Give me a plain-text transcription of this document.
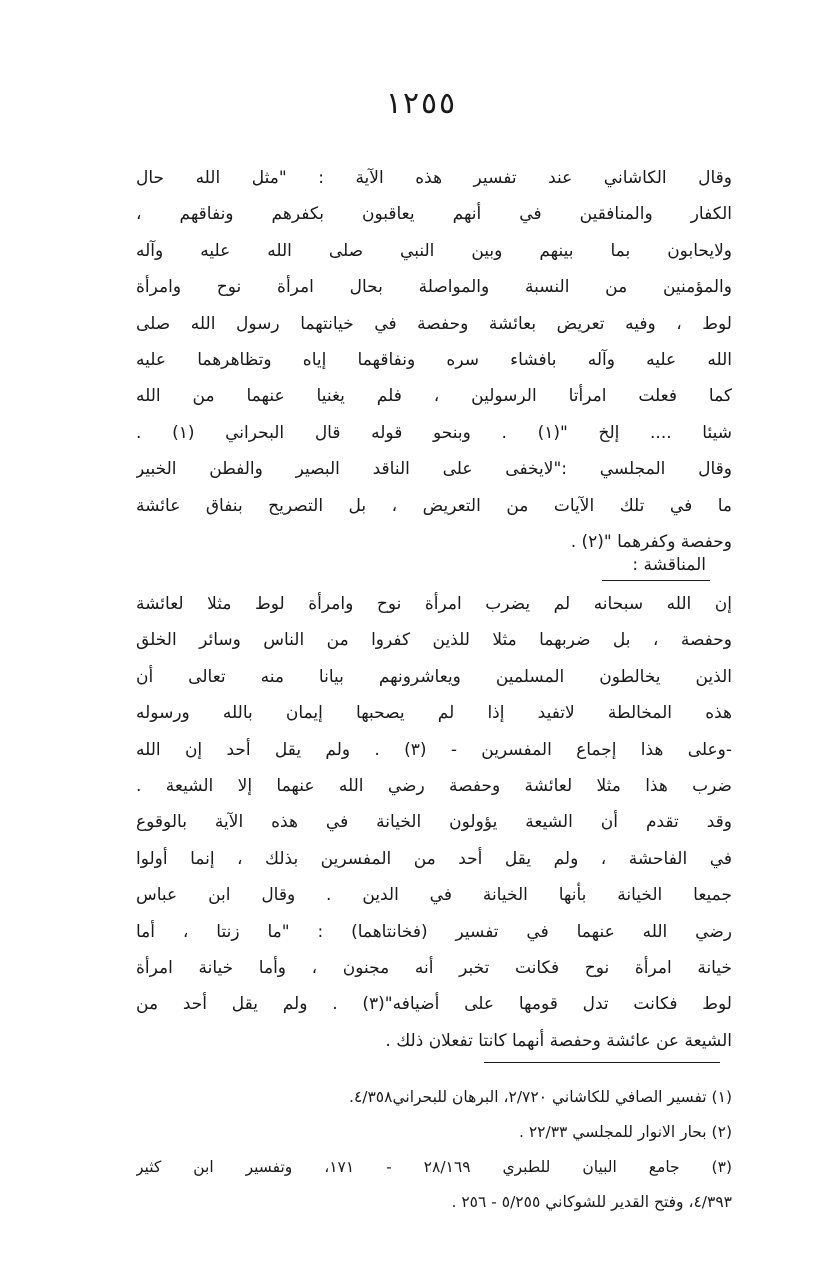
١٢٥٥
وقال الكاشاني عند تفسير هذه الآية : "مثل الله حال
الكفار والمنافقين في أنهم يعاقبون بكفرهم ونفاقهم ،
ولايحابون بما بينهم وبين النبي صلى الله عليه وآله
والمؤمنين من النسبة والمواصلة بحال امرأة نوح وامرأة
لوط ، وفيه تعريض بعائشة وحفصة في خيانتهما رسول الله صلى
الله عليه وآله بافشاء سره ونفاقهما إياه وتظاهرهما عليه
كما فعلت امرأتا الرسولين ، فلم يغنيا عنهما من الله
شيئا .... إلخ "(١) . وبنحو قوله قال البحراني (١) .
وقال المجلسي :"لايخفى على الناقد البصير والفطن الخبير
ما في تلك الآيات من التعريض ، بل التصريح بنفاق عائشة
وحفصة وكفرهما "(٢) .
المناقشة :
إن الله سبحانه لم يضرب امرأة نوح وامرأة لوط مثلا لعائشة
وحفصة ، بل ضربهما مثلا للذين كفروا من الناس وسائر الخلق
الذين يخالطون المسلمين ويعاشرونهم بيانا منه تعالى أن
هذه المخالطة لاتفيد إذا لم يصحبها إيمان بالله ورسوله
-وعلى هذا إجماع المفسرين - (٣) . ولم يقل أحد إن الله
ضرب هذا مثلا لعائشة وحفصة رضي الله عنهما إلا الشيعة .
وقد تقدم أن الشيعة يؤولون الخيانة في هذه الآية بالوقوع
في الفاحشة ، ولم يقل أحد من المفسرين بذلك ، إنما أولوا
جميعا الخيانة بأنها الخيانة في الدين . وقال ابن عباس
رضي الله عنهما في تفسير (فخانتاهما) : "ما زنتا ، أما
خيانة امرأة نوح فكانت تخبر أنه مجنون ، وأما خيانة امرأة
لوط فكانت تدل قومها على أضيافه"(٣) . ولم يقل أحد من
الشيعة عن عائشة وحفصة أنهما كانتا تفعلان ذلك .
(١) تفسير الصافي للكاشاني ٢/٧٢٠، البرهان للبحراني٤/٣٥٨.
(٢) بحار الانوار للمجلسي ٢٢/٣٣ .
(٣) جامع البيان للطبري ٢٨/١٦٩ - ١٧١، وتفسير ابن كثير
٤/٣٩٣، وفتح القدير للشوكاني ٥/٢٥٥ - ٢٥٦ .
